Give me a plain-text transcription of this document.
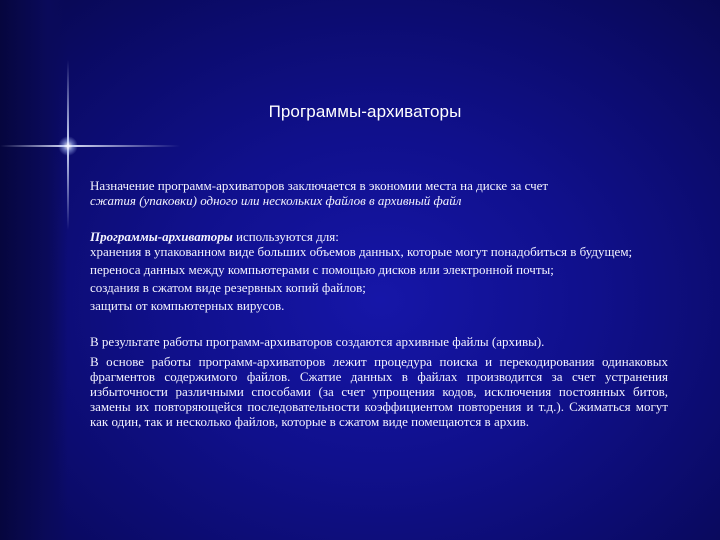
Программы-архиваторы

Назначение программ-архиваторов заключается в экономии места на диске за счет
сжатия (упаковки) одного или нескольких файлов в архивный файл

Программы-архиваторы используются для:

хранения в упакованном виде больших объемов данных, которые могут понадобиться в будущем;

переноса данных между компьютерами с помощью дисков или электронной почты;

создания в сжатом виде резервных копий файлов;

защиты от компьютерных вирусов.

В результате работы программ-архиваторов создаются архивные файлы (архивы).

В основе работы программ-архиваторов лежит процедура поиска и перекодирования одинаковых фрагментов содержимого файлов. Сжатие данных в файлах производится за счет устранения избыточности различными способами (за счет упрощения кодов, исключения постоянных битов, замены их повторяющейся последовательности коэффициентом повторения и т.д.). Сжиматься могут как один, так и несколько файлов, которые в сжатом виде помещаются в архив.
